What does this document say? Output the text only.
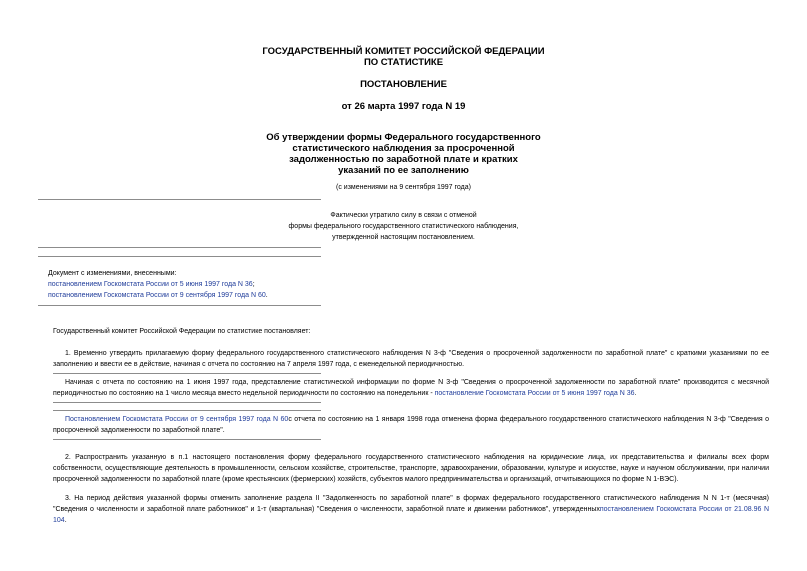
ГОСУДАРСТВЕННЫЙ КОМИТЕТ РОССИЙСКОЙ ФЕДЕРАЦИИ
ПО СТАТИСТИКЕ
ПОСТАНОВЛЕНИЕ
от 26 марта 1997 года N 19
Об утверждении формы Федерального государственного
статистического наблюдения за просроченной
задолженностью по заработной плате и кратких
указаний по ее заполнению
(с изменениями на 9 сентября 1997 года)
Фактически утратило силу в связи с отменой
формы федерального государственного статистического наблюдения,
утвержденной настоящим постановлением.
Документ с изменениями, внесенными:
постановлением Госкомстата России от 5 июня 1997 года N 36;
постановлением Госкомстата России от 9 сентября 1997 года N 60.
Государственный комитет Российской Федерации по статистике постановляет:
1. Временно утвердить прилагаемую форму федерального государственного статистического наблюдения N 3-ф "Сведения о просроченной задолженности по заработной плате" с краткими указаниями по ее заполнению и ввести ее в действие, начиная с отчета по состоянию на 7 апреля 1997 года, с еженедельной периодичностью.
Начиная с отчета по состоянию на 1 июня 1997 года, представление статистической информации по форме N 3-ф "Сведения о просроченной задолженности по заработной плате" производится с месячной периодичностью по состоянию на 1 число месяца вместо недельной периодичности по состоянию на понедельник - постановление Госкомстата России от 5 июня 1997 года N 36.
Постановлением Госкомстата России от 9 сентября 1997 года N 60с отчета по состоянию на 1 января 1998 года отменена форма федерального государственного статистического наблюдения N 3-ф "Сведения о просроченной задолженности по заработной плате".
2. Распространить указанную в п.1 настоящего постановления форму федерального государственного статистического наблюдения на юридические лица, их представительства и филиалы всех форм собственности, осуществляющие деятельность в промышленности, сельском хозяйстве, строительстве, транспорте, здравоохранении, образовании, культуре и искусстве, науке и научном обслуживании, при наличии просроченной задолженности по заработной плате (кроме крестьянских (фермерских) хозяйств, субъектов малого предпринимательства и организаций, отчитывающихся по форме N 1-ВЭС).
3. На период действия указанной формы отменить заполнение раздела II "Задолженность по заработной плате" в формах федерального государственного статистического наблюдения N N 1-т (месячная) "Сведения о численности и заработной плате работников" и 1-т (квартальная) "Сведения о численности, заработной плате и движении работников", утвержденныхпостановлением Госкомстата России от 21.08.96 N 104.
